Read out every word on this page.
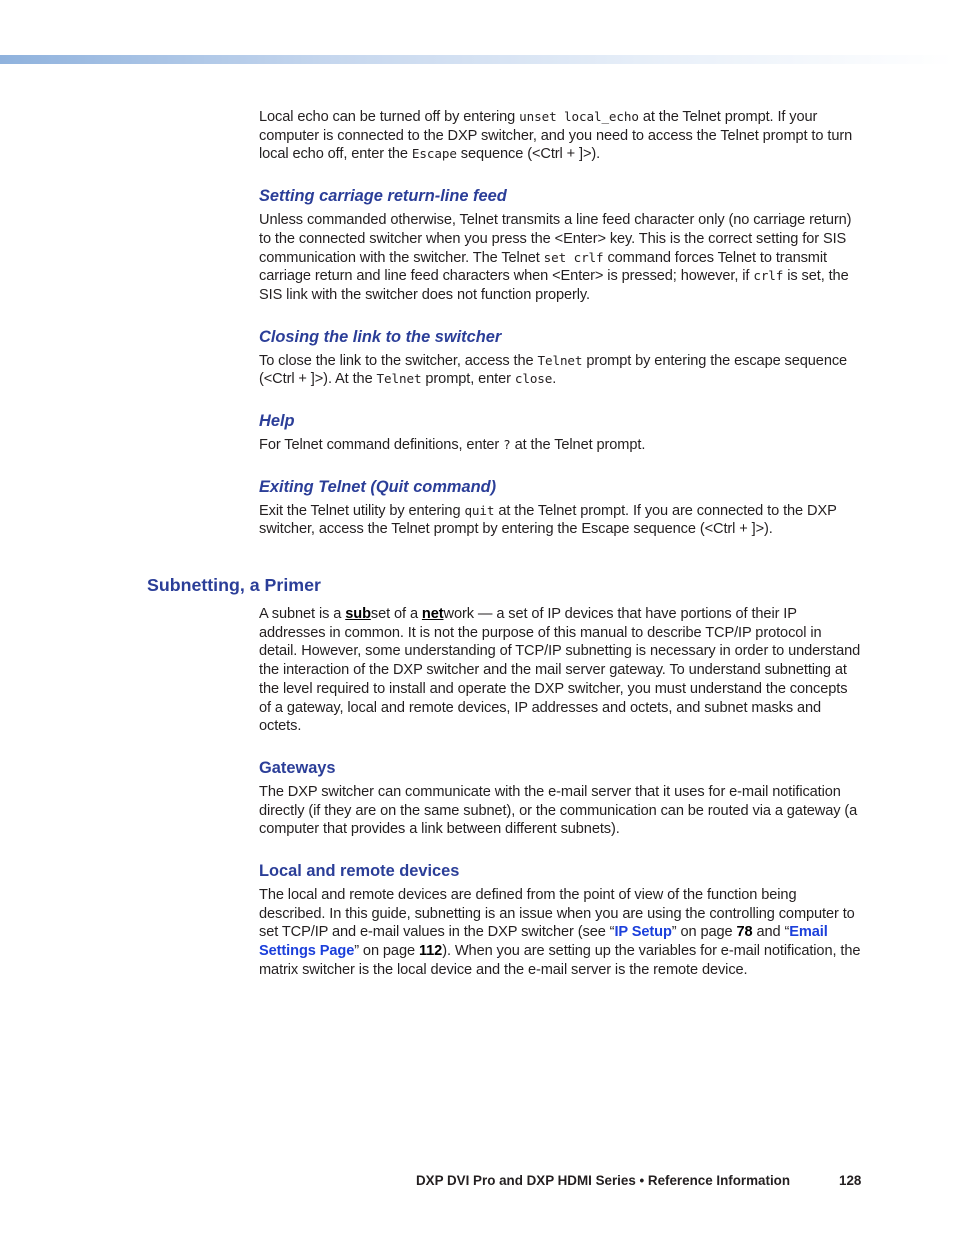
Local echo can be turned off by entering unset local_echo at the Telnet prompt. If your computer is connected to the DXP switcher, and you need to access the Telnet prompt to turn local echo off, enter the Escape sequence (<Ctrl + ]>).

Setting carriage return-line feed

Unless commanded otherwise, Telnet transmits a line feed character only (no carriage return) to the connected switcher when you press the <Enter> key. This is the correct setting for SIS communication with the switcher. The Telnet set crlf command forces Telnet to transmit carriage return and line feed characters when <Enter> is pressed; however, if crlf is set, the SIS link with the switcher does not function properly.

Closing the link to the switcher

To close the link to the switcher, access the Telnet prompt by entering the escape sequence (<Ctrl + ]>). At the Telnet prompt, enter close.

Help

For Telnet command definitions, enter ? at the Telnet prompt.

Exiting Telnet (Quit command)

Exit the Telnet utility by entering quit at the Telnet prompt. If you are connected to the DXP switcher, access the Telnet prompt by entering the Escape sequence (<Ctrl + ]>).

Subnetting, a Primer

A subnet is a subset of a network — a set of IP devices that have portions of their IP addresses in common. It is not the purpose of this manual to describe TCP/IP protocol in detail. However, some understanding of TCP/IP subnetting is necessary in order to understand the interaction of the DXP switcher and the mail server gateway. To understand subnetting at the level required to install and operate the DXP switcher, you must understand the concepts of a gateway, local and remote devices, IP addresses and octets, and subnet masks and octets.

Gateways

The DXP switcher can communicate with the e-mail server that it uses for e-mail notification directly (if they are on the same subnet), or the communication can be routed via a gateway (a computer that provides a link between different subnets).

Local and remote devices

The local and remote devices are defined from the point of view of the function being described. In this guide, subnetting is an issue when you are using the controlling computer to set TCP/IP and e-mail values in the DXP switcher (see “IP Setup” on page 78 and “Email Settings Page” on page 112). When you are setting up the variables for e-mail notification, the matrix switcher is the local device and the e-mail server is the remote device.

DXP DVI Pro and DXP HDMI Series • Reference Information	128
